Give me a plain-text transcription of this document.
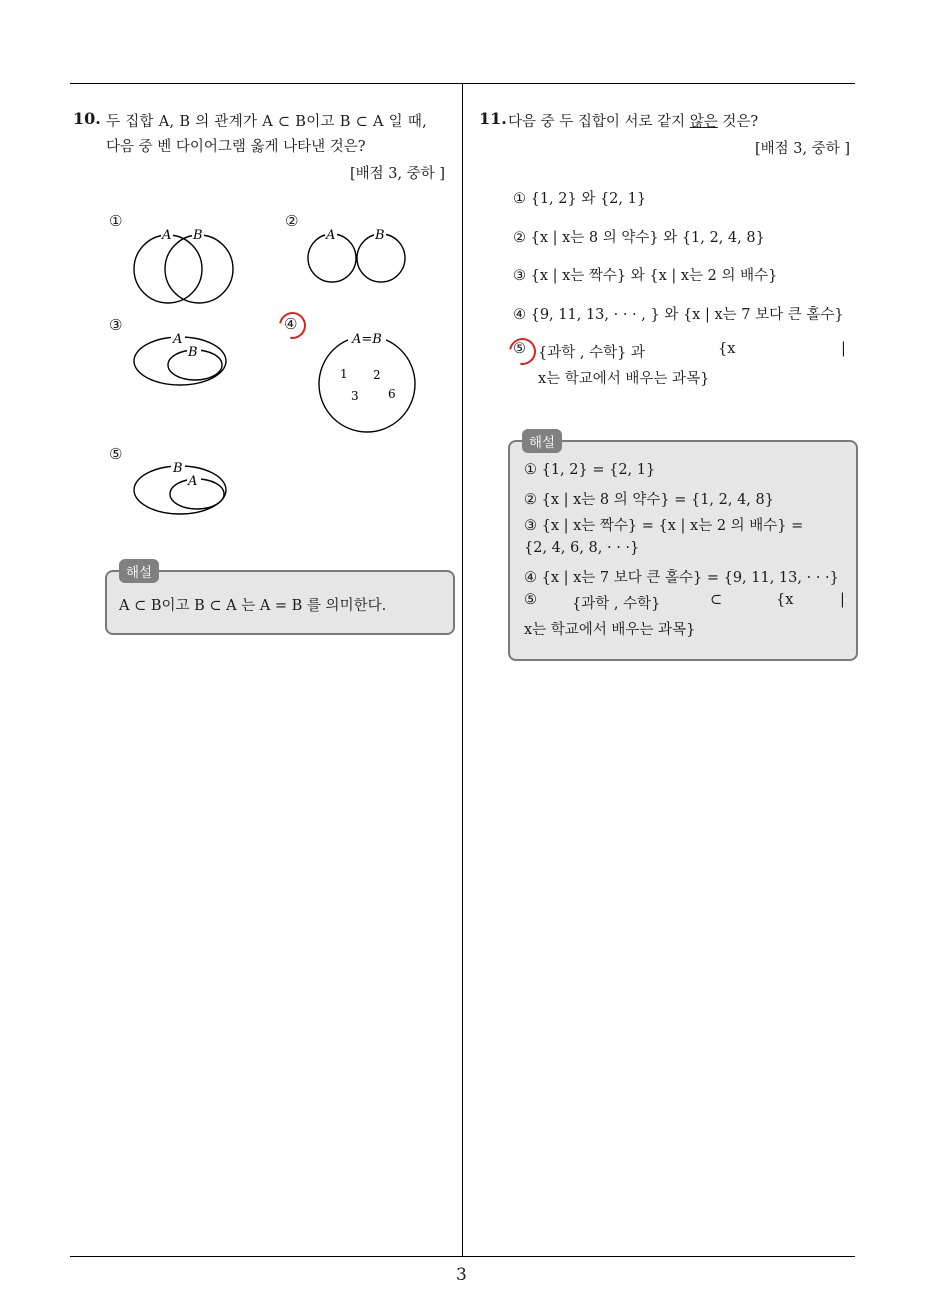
10. 두 집합 A, B 의 관계가 A ⊂ B이고 B ⊂ A 일 때,
다음 중 벤 다이어그램 옳게 나타낸 것은?
[배점 3, 중하 ]
①
A B
②
A	B
③
A
B
④
A=B
1 2
3 6
⑤
B
A
A ⊂ B이고 B ⊂ A 는 A = B 를 의미한다.
해설
11. 다음 중 두 집합이 서로 같지 않은 것은?
[배점 3, 중하 ]
① {1, 2} 와 {2, 1}
② {x | x는 8 의 약수} 와 {1, 2, 4, 8}
③ {x | x는 짝수} 와 {x | x는 2 의 배수}
④ {9, 11, 13, · · · , } 와 {x | x는 7 보다 큰 홀수}
⑤ {과학 , 수학} 과	{x	|
x는 학교에서 배우는 과목}
① {1, 2} = {2, 1}
② {x | x는 8 의 약수} = {1, 2, 4, 8}
③ {x | x는 짝수} = {x | x는 2 의 배수} =
{2, 4, 6, 8, · · ·}
④ {x | x는 7 보다 큰 홀수} = {9, 11, 13, · · ·}
⑤ {과학 , 수학}	⊂	{x	|
x는 학교에서 배우는 과목}
해설
3
